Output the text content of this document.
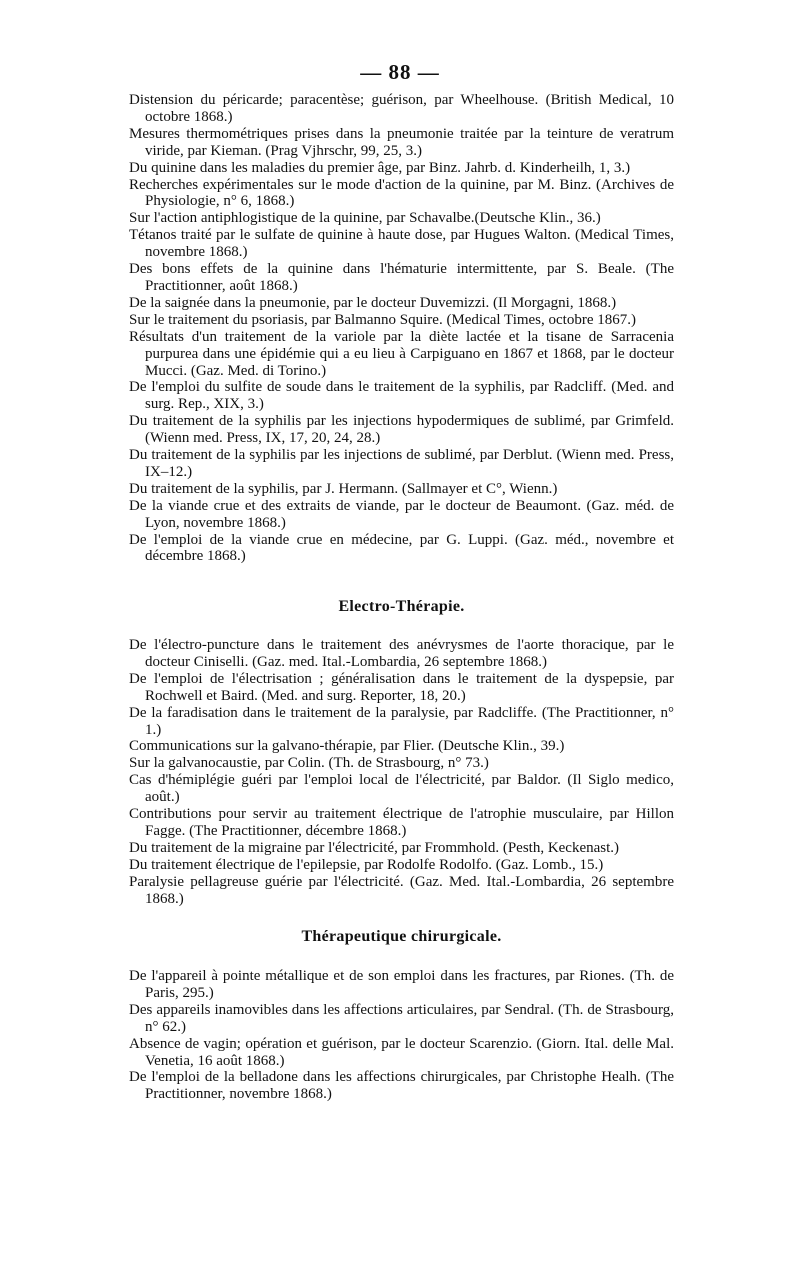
— 88 —

Distension du péricarde; paracentèse; guérison, par Wheelhouse. (British Medical, 10 octobre 1868.)

Mesures thermométriques prises dans la pneumonie traitée par la teinture de veratrum viride, par Kieman. (Prag Vjhrschr, 99, 25, 3.)

Du quinine dans les maladies du premier âge, par Binz. Jahrb. d. Kinderheilh, 1, 3.)

Recherches expérimentales sur le mode d'action de la quinine, par M. Binz. (Archives de Physiologie, n° 6, 1868.)

Sur l'action antiphlogistique de la quinine, par Schavalbe.(Deutsche Klin., 36.)

Tétanos traité par le sulfate de quinine à haute dose, par Hugues Walton. (Medical Times, novembre 1868.)

Des bons effets de la quinine dans l'hématurie intermittente, par S. Beale. (The Practitionner, août 1868.)

De la saignée dans la pneumonie, par le docteur Duvemizzi. (Il Morgagni, 1868.)

Sur le traitement du psoriasis, par Balmanno Squire. (Medical Times, octobre 1867.)

Résultats d'un traitement de la variole par la diète lactée et la tisane de Sarracenia purpurea dans une épidémie qui a eu lieu à Carpiguano en 1867 et 1868, par le docteur Mucci. (Gaz. Med. di Torino.)

De l'emploi du sulfite de soude dans le traitement de la syphilis, par Radcliff. (Med. and surg. Rep., XIX, 3.)

Du traitement de la syphilis par les injections hypodermiques de sublimé, par Grimfeld. (Wienn med. Press, IX, 17, 20, 24, 28.)

Du traitement de la syphilis par les injections de sublimé, par Derblut. (Wienn med. Press, IX–12.)

Du traitement de la syphilis, par J. Hermann. (Sallmayer et C°, Wienn.)

De la viande crue et des extraits de viande, par le docteur de Beaumont. (Gaz. méd. de Lyon, novembre 1868.)

De l'emploi de la viande crue en médecine, par G. Luppi. (Gaz. méd., novembre et décembre 1868.)

Electro-Thérapie.

De l'électro-puncture dans le traitement des anévrysmes de l'aorte thoracique, par le docteur Ciniselli. (Gaz. med. Ital.-Lombardia, 26 septembre 1868.)

De l'emploi de l'électrisation ; généralisation dans le traitement de la dyspepsie, par Rochwell et Baird. (Med. and surg. Reporter, 18, 20.)

De la faradisation dans le traitement de la paralysie, par Radcliffe. (The Practitionner, n° 1.)

Communications sur la galvano-thérapie, par Flier. (Deutsche Klin., 39.)

Sur la galvanocaustie, par Colin. (Th. de Strasbourg, n° 73.)

Cas d'hémiplégie guéri par l'emploi local de l'électricité, par Baldor. (Il Siglo medico, août.)

Contributions pour servir au traitement électrique de l'atrophie musculaire, par Hillon Fagge. (The Practitionner, décembre 1868.)

Du traitement de la migraine par l'électricité, par Frommhold. (Pesth, Keckenast.)

Du traitement électrique de l'epilepsie, par Rodolfe Rodolfo. (Gaz. Lomb., 15.)

Paralysie pellagreuse guérie par l'électricité. (Gaz. Med. Ital.-Lombardia, 26 septembre 1868.)

Thérapeutique chirurgicale.

De l'appareil à pointe métallique et de son emploi dans les fractures, par Riones. (Th. de Paris, 295.)

Des appareils inamovibles dans les affections articulaires, par Sendral. (Th. de Strasbourg, n° 62.)

Absence de vagin; opération et guérison, par le docteur Scarenzio. (Giorn. Ital. delle Mal. Venetia, 16 août 1868.)

De l'emploi de la belladone dans les affections chirurgicales, par Christophe Healh. (The Practitionner, novembre 1868.)
